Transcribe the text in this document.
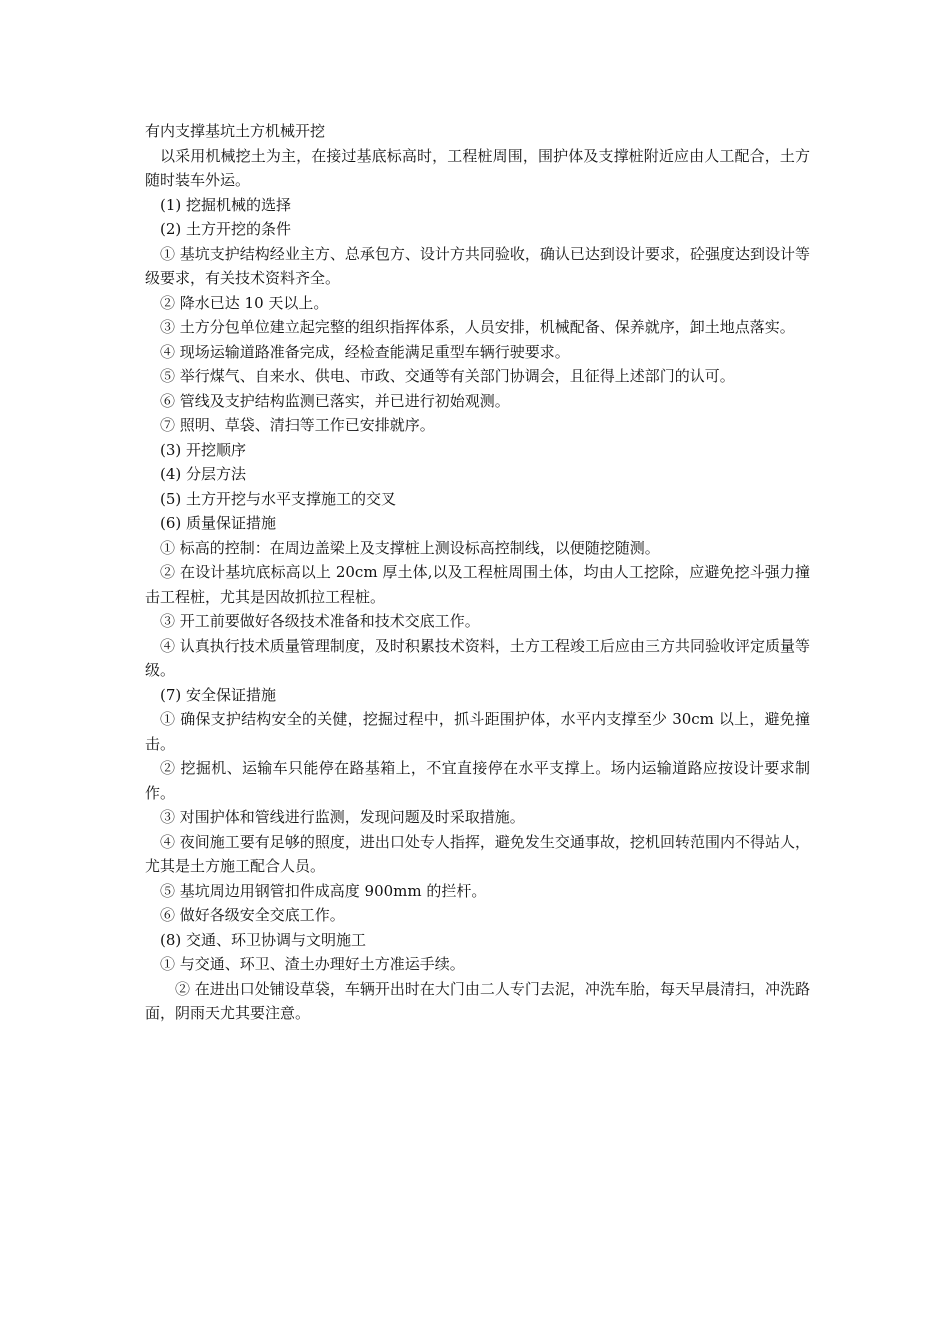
有内支撑基坑土方机械开挖

以采用机械挖土为主，在接过基底标高时，工程桩周围，围护体及支撑桩附近应由人工配合，土方随时装车外运。

(1) 挖掘机械的选择

(2) 土方开挖的条件

① 基坑支护结构经业主方、总承包方、设计方共同验收，确认已达到设计要求，砼强度达到设计等级要求，有关技术资料齐全。

② 降水已达 10 天以上。

③ 土方分包单位建立起完整的组织指挥体系，人员安排，机械配备、保养就序，卸土地点落实。

④ 现场运输道路准备完成，经检查能满足重型车辆行驶要求。

⑤ 举行煤气、自来水、供电、市政、交通等有关部门协调会，且征得上述部门的认可。

⑥ 管线及支护结构监测已落实，并已进行初始观测。

⑦ 照明、草袋、清扫等工作已安排就序。

(3) 开挖顺序

(4) 分层方法

(5) 土方开挖与水平支撑施工的交叉

(6) 质量保证措施

① 标高的控制：在周边盖梁上及支撑桩上测设标高控制线，以便随挖随测。

② 在设计基坑底标高以上 20cm 厚土体,以及工程桩周围土体，均由人工挖除，应避免挖斗强力撞击工程桩，尤其是因故抓拉工程桩。

③ 开工前要做好各级技术准备和技术交底工作。

④ 认真执行技术质量管理制度，及时积累技术资料，土方工程竣工后应由三方共同验收评定质量等级。

(7) 安全保证措施

① 确保支护结构安全的关健，挖掘过程中，抓斗距围护体，水平内支撑至少 30cm 以上，避免撞击。

② 挖掘机、运输车只能停在路基箱上，不宜直接停在水平支撑上。场内运输道路应按设计要求制作。

③ 对围护体和管线进行监测，发现问题及时采取措施。

④ 夜间施工要有足够的照度，进出口处专人指挥，避免发生交通事故，挖机回转范围内不得站人，尤其是土方施工配合人员。

⑤ 基坑周边用钢管扣件成高度 900mm 的拦杆。

⑥ 做好各级安全交底工作。

(8) 交通、环卫协调与文明施工

① 与交通、环卫、渣土办理好土方准运手续。

② 在进出口处铺设草袋，车辆开出时在大门由二人专门去泥，冲洗车胎，每天早晨清扫，冲洗路面，阴雨天尤其要注意。
